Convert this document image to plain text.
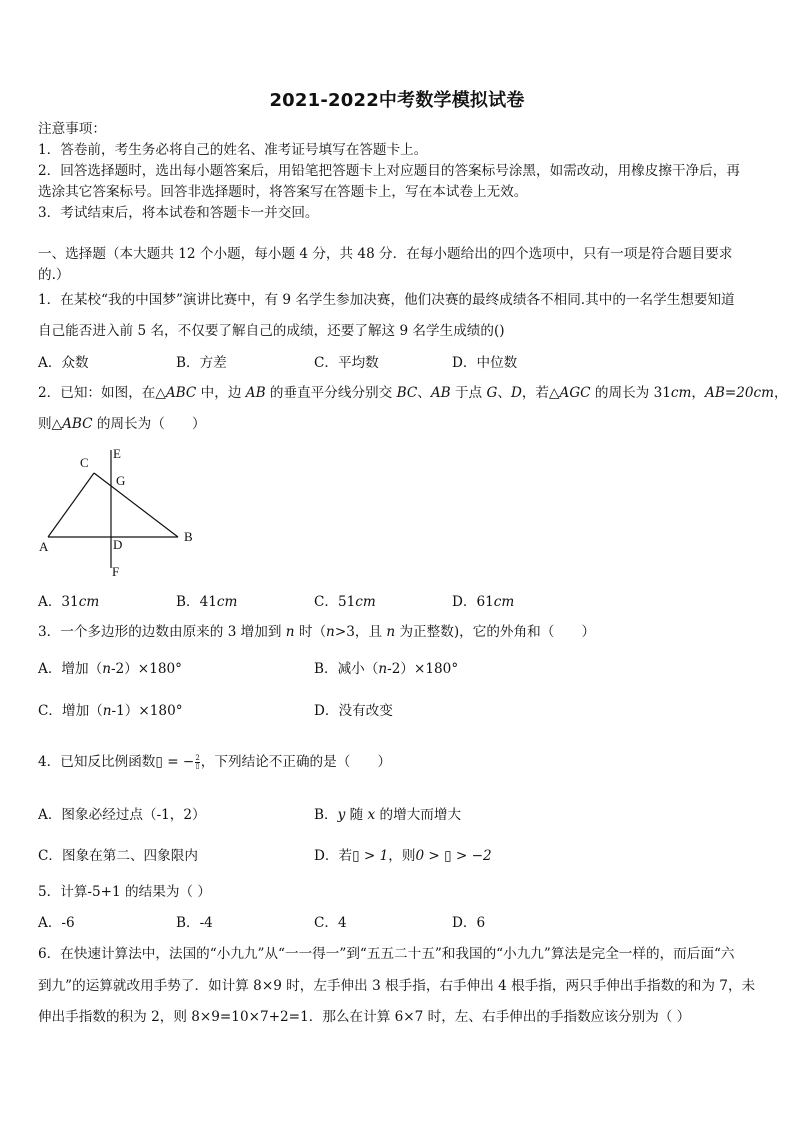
2021-2022中考数学模拟试卷
注意事项：
1．答卷前，考生务必将自己的姓名、准考证号填写在答题卡上。
2．回答选择题时，选出每小题答案后，用铅笔把答题卡上对应题目的答案标号涂黑，如需改动，用橡皮擦干净后，再
选涂其它答案标号。回答非选择题时，将答案写在答题卡上，写在本试卷上无效。
3．考试结束后，将本试卷和答题卡一并交回。
一、选择题（本大题共 12 个小题，每小题 4 分，共 48 分．在每小题给出的四个选项中，只有一项是符合题目要求
的.）
1．在某校“我的中国梦”演讲比赛中，有 9 名学生参加决赛，他们决赛的最终成绩各不相同.其中的一名学生想要知道
自己能否进入前 5 名，不仅要了解自己的成绩，还要了解这 9 名学生成绩的()
A．众数	B．方差	C．平均数	D．中位数
2．已知：如图，在△ABC 中，边 AB 的垂直平分线分别交 BC、AB 于点 G、D，若△AGC 的周长为 31cm，AB=20cm，
则△ABC 的周长为（　　）
C
E
G
A	D
B
F
A．31cm	B．41cm	C．51cm	D．61cm
3．一个多边形的边数由原来的 3 增加到 n 时（n>3，且 n 为正整数)，它的外角和（　　）
A．增加（n-2）×180°	B．减小（n-2）×180°
C．增加（n-1）×180°	D．没有改变
4．已知反比例函数▯ = − $\frac{2}{▯}$ ，下列结论不正确的是（　　）
A．图象必经过点（-1，2）	B．y 随 x 的增大而增大
C．图象在第二、四象限内	D．若▯ > 1，则0 > ▯ > −2
5．计算-5+1 的结果为（ ）
A．-6	B．-4	C．4	D．6
6．在快速计算法中，法国的“小九九”从“一一得一”到“五五二十五”和我国的“小九九”算法是完全一样的，而后面“六
到九”的运算就改用手势了．如计算 8×9 时，左手伸出 3 根手指，右手伸出 4 根手指，两只手伸出手指数的和为 7，未
伸出手指数的积为 2，则 8×9=10×7+2=1．那么在计算 6×7 时，左、右手伸出的手指数应该分别为（ ）
